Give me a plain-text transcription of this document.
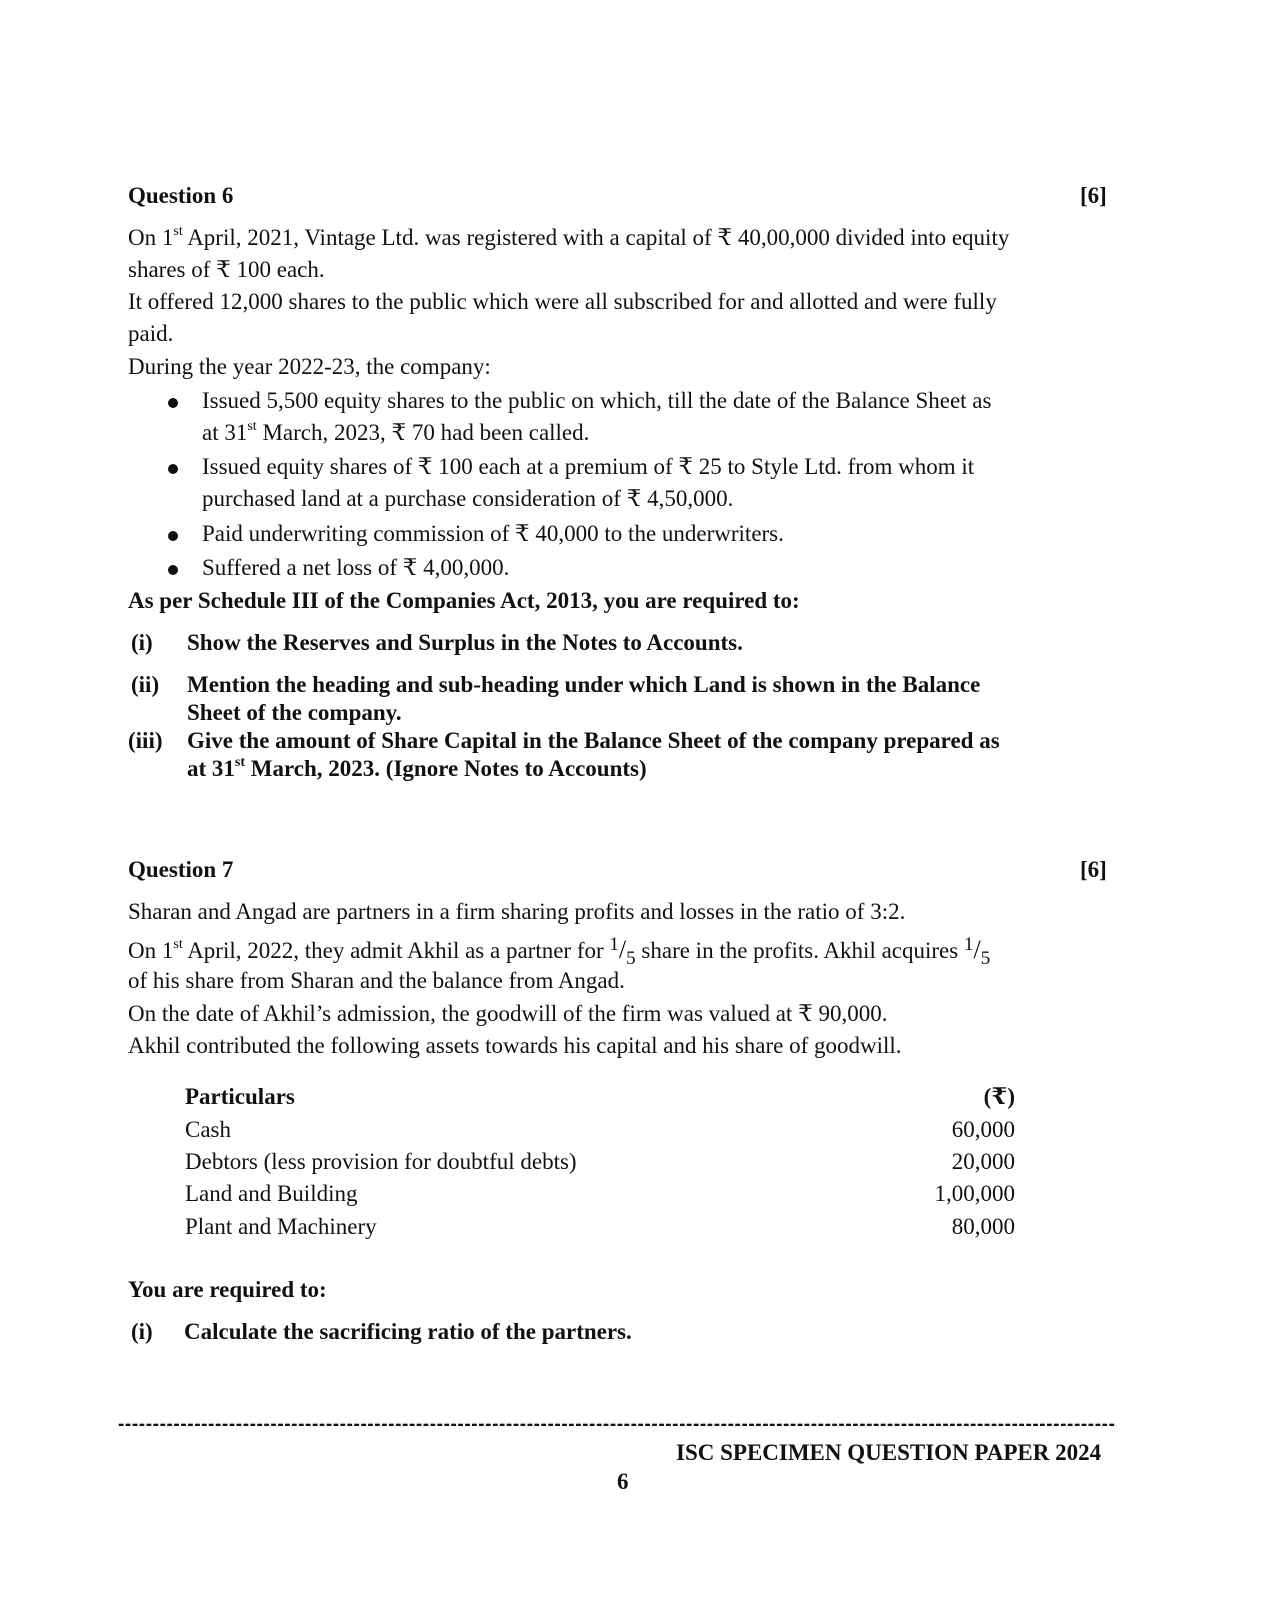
Question 6	[6]
On 1st April, 2021, Vintage Ltd. was registered with a capital of ₹ 40,00,000 divided into equity
shares of ₹ 100 each.
It offered 12,000 shares to the public which were all subscribed for and allotted and were fully
paid.
During the year 2022-23, the company:
Issued 5,500 equity shares to the public on which, till the date of the Balance Sheet as
at 31st March, 2023, ₹ 70 had been called.
Issued equity shares of ₹ 100 each at a premium of ₹ 25 to Style Ltd. from whom it
purchased land at a purchase consideration of ₹ 4,50,000.
Paid underwriting commission of ₹ 40,000 to the underwriters.
Suffered a net loss of ₹ 4,00,000.
As per Schedule III of the Companies Act, 2013, you are required to:
(i) Show the Reserves and Surplus in the Notes to Accounts.
(ii) Mention the heading and sub-heading under which Land is shown in the Balance
Sheet of the company.
(iii) Give the amount of Share Capital in the Balance Sheet of the company prepared as
at 31st March, 2023. (Ignore Notes to Accounts)
Question 7	[6]
Sharan and Angad are partners in a firm sharing profits and losses in the ratio of 3:2.
On 1st April, 2022, they admit Akhil as a partner for $^1/_5$ share in the profits. Akhil acquires $^1/_5$
of his share from Sharan and the balance from Angad.
On the date of Akhil’s admission, the goodwill of the firm was valued at ₹ 90,000.
Akhil contributed the following assets towards his capital and his share of goodwill.
Particulars	(₹)
Cash	60,000
Debtors (less provision for doubtful debts)	20,000
Land and Building	1,00,000
Plant and Machinery	80,000
You are required to:
(i) Calculate the sacrificing ratio of the partners.
------------------------------------------------------------------------------------------------------------------------------------------------
ISC SPECIMEN QUESTION PAPER 2024
6
